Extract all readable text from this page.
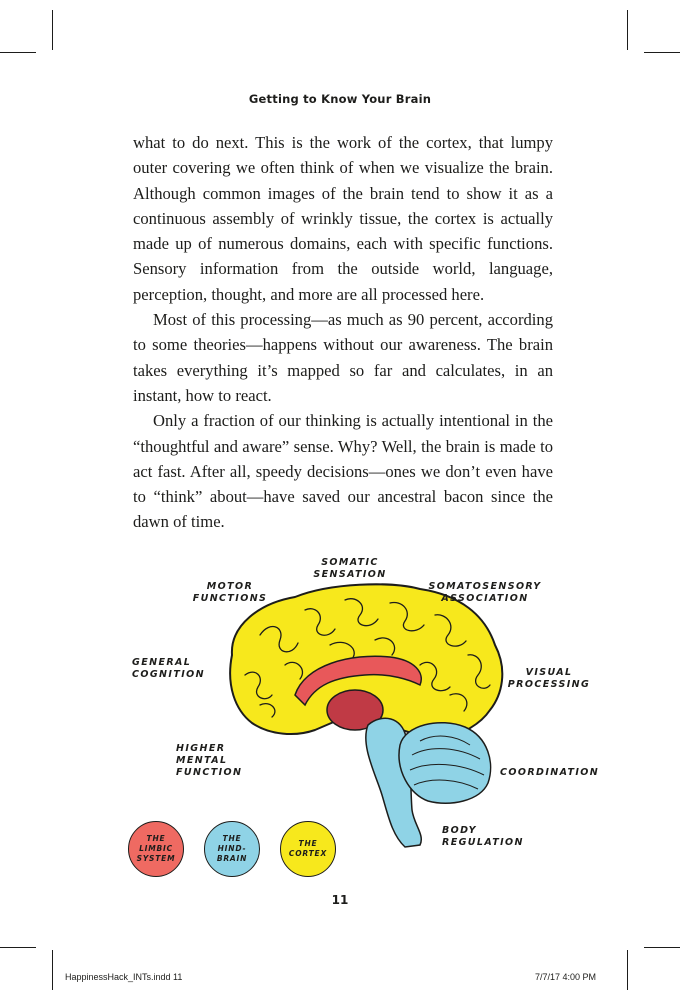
Getting to Know Your Brain

what to do next. This is the work of the cortex, that lumpy outer covering we often think of when we visualize the brain. Although common images of the brain tend to show it as a continuous assembly of wrinkly tissue, the cortex is actually made up of numerous domains, each with specific functions. Sensory information from the outside world, language, perception, thought, and more are all processed here.

Most of this processing—as much as 90 percent, according to some theories—happens without our awareness. The brain takes everything it’s mapped so far and calculates, in an instant, how to react.

Only a fraction of our thinking is actually intentional in the “thoughtful and aware” sense. Why? Well, the brain is made to act fast. After all, speedy decisions—ones we don’t even have to “think” about—have saved our ancestral bacon since the dawn of time.

SOMATIC
SENSATION
MOTOR
FUNCTIONS
SOMATOSENSORY
ASSOCIATION
GENERAL
COGNITION	VISUAL
PROCESSING
HIGHER
MENTAL
FUNCTION	COORDINATION
BODY
REGULATION
THE
LIMBIC
SYSTEM
THE
HIND-
BRAIN
THE
CORTEX
11
HappinessHack_INTs.indd 11	7/7/17 4:00 PM
